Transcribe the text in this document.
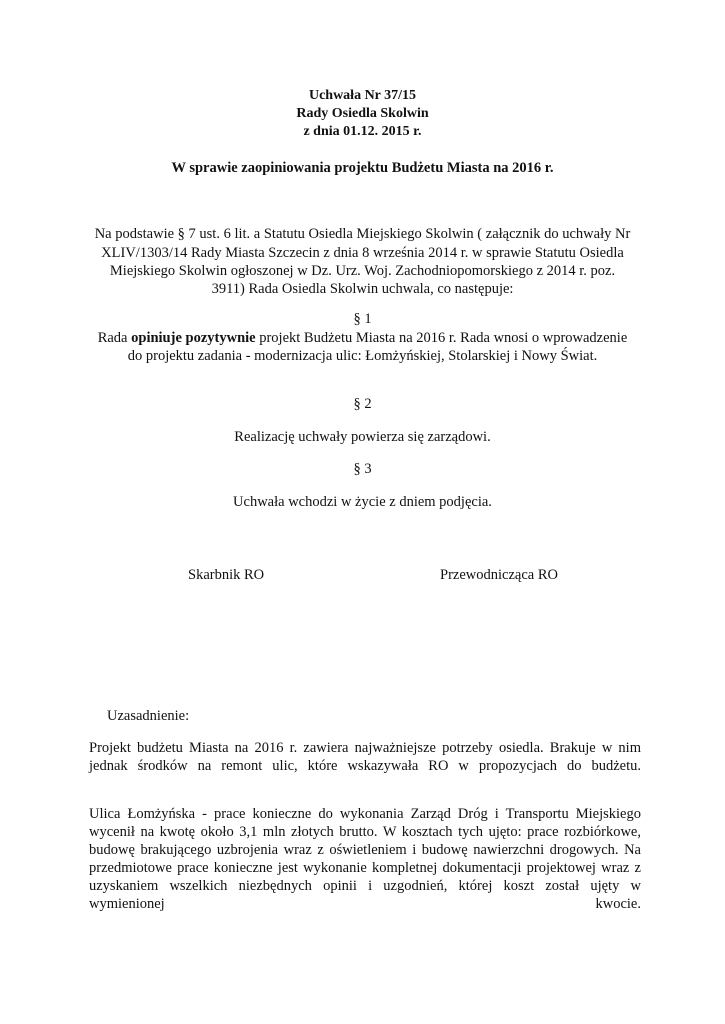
Uchwała Nr 37/15
Rady Osiedla Skolwin
z dnia 01.12. 2015 r.
W sprawie zaopiniowania projektu Budżetu Miasta na 2016 r.
Na podstawie § 7 ust. 6 lit. a Statutu Osiedla Miejskiego Skolwin ( załącznik do uchwały Nr
XLIV/1303/14 Rady Miasta Szczecin z dnia 8 września 2014 r. w sprawie Statutu Osiedla
Miejskiego Skolwin ogłoszonej w Dz. Urz. Woj. Zachodniopomorskiego z 2014 r. poz.
3911) Rada Osiedla Skolwin uchwala, co następuje:
§ 1
Rada opiniuje pozytywnie projekt Budżetu Miasta na 2016 r. Rada wnosi o wprowadzenie
do projektu zadania - modernizacja ulic: Łomżyńskiej, Stolarskiej i Nowy Świat.
§ 2
Realizację uchwały powierza się zarządowi.
§ 3
Uchwała wchodzi w życie z dniem podjęcia.
Skarbnik RO	Przewodnicząca RO
Uzasadnienie:
Projekt budżetu Miasta na 2016 r. zawiera najważniejsze potrzeby osiedla. Brakuje w nim
jednak środków na remont ulic, które wskazywała RO w propozycjach do budżetu.
Ulica Łomżyńska - prace konieczne do wykonania Zarząd Dróg i Transportu Miejskiego
wycenił na kwotę około 3,1 mln złotych brutto. W kosztach tych ujęto: prace rozbiórkowe,
budowę brakującego uzbrojenia wraz z oświetleniem i budowę nawierzchni drogowych. Na
przedmiotowe prace konieczne jest wykonanie kompletnej dokumentacji projektowej wraz z
uzyskaniem wszelkich niezbędnych opinii i uzgodnień, której koszt został ujęty w
wymienionej kwocie.
